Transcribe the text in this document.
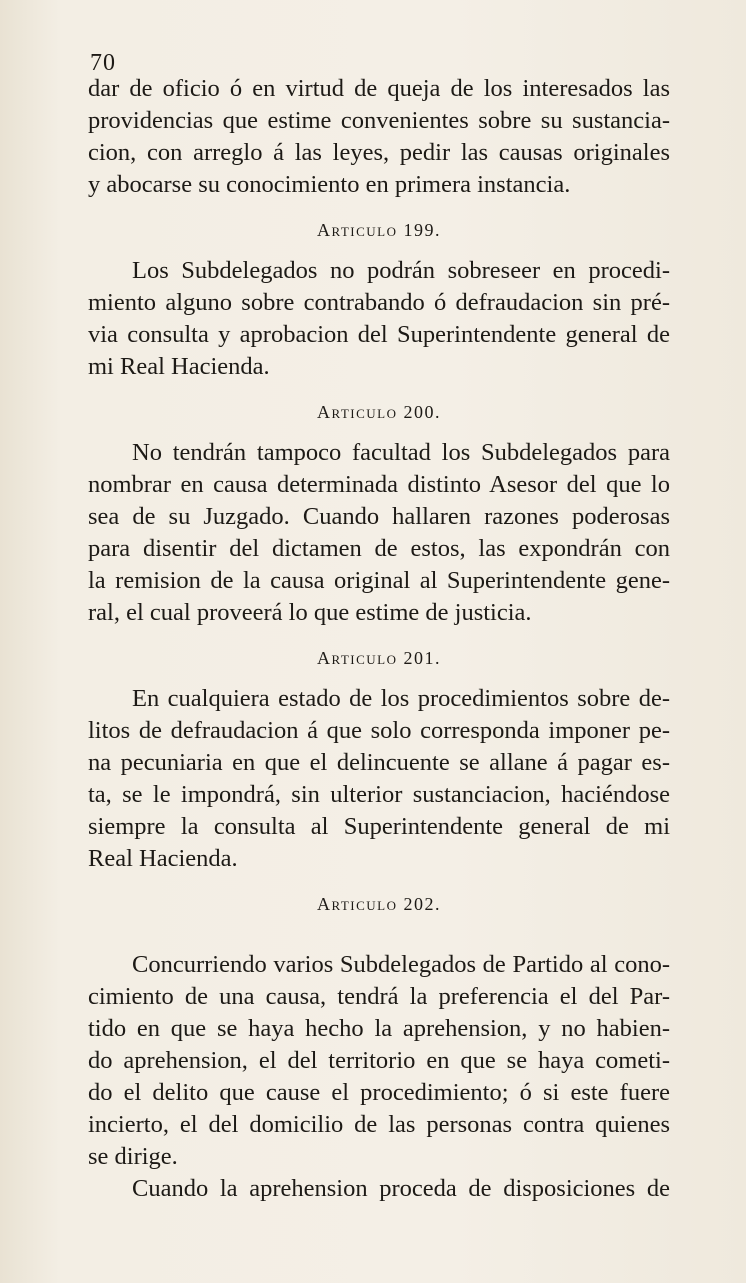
70
dar de oficio ó en virtud de queja de los interesados las
providencias que estime convenientes sobre su sustancia-
cion, con arreglo á las leyes, pedir las causas originales
y abocarse su conocimiento en primera instancia.
Articulo 199.
Los Subdelegados no podrán sobreseer en procedi-
miento alguno sobre contrabando ó defraudacion sin pré-
via consulta y aprobacion del Superintendente general de
mi Real Hacienda.
Articulo 200.
No tendrán tampoco facultad los Subdelegados para
nombrar en causa determinada distinto Asesor del que lo
sea de su Juzgado. Cuando hallaren razones poderosas
para disentir del dictamen de estos, las expondrán con
la remision de la causa original al Superintendente gene-
ral, el cual proveerá lo que estime de justicia.
Articulo 201.
En cualquiera estado de los procedimientos sobre de-
litos de defraudacion á que solo corresponda imponer pe-
na pecuniaria en que el delincuente se allane á pagar es-
ta, se le impondrá, sin ulterior sustanciacion, haciéndose
siempre la consulta al Superintendente general de mi
Real Hacienda.
Articulo 202.
Concurriendo varios Subdelegados de Partido al cono-
cimiento de una causa, tendrá la preferencia el del Par-
tido en que se haya hecho la aprehension, y no habien-
do aprehension, el del territorio en que se haya cometi-
do el delito que cause el procedimiento; ó si este fuere
incierto, el del domicilio de las personas contra quienes
se dirige.
Cuando la aprehension proceda de disposiciones de
